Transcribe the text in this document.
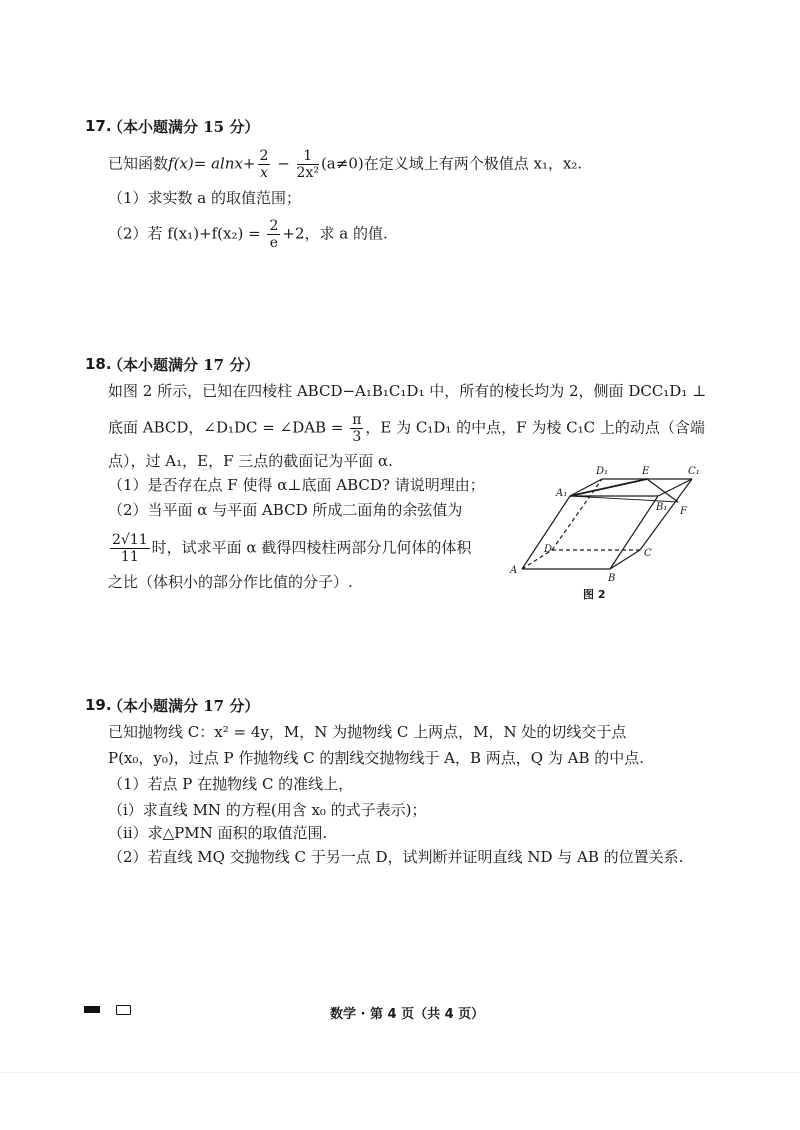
17.
（本小题满分 15 分）
已知函数$f(x)= alnx+ \frac{2}{x} - \frac{1}{\text{2x²}} (a\ne 0)$在定义域上有两个极值点 x₁，x₂.
（1）求实数 a 的取值范围；
（2）若 $f(x_1)+f(x_2) = \frac{2}{e} +2$，求 a 的值.
18.
（本小题满分 17 分）
如图 2 所示，已知在四棱柱 ABCD−A₁B₁C₁D₁ 中，所有的棱长均为 2，侧面 DCC₁D₁ ⊥
底面 ABCD，∠D₁DC = ∠DAB = $\frac{\pi}{3}$ ，E 为 C₁D₁ 的中点，F 为棱 C₁C 上的动点（含端
点），过 A₁，E，F 三点的截面记为平面 α.
（1）是否存在点 F 使得 α⊥底面 ABCD? 请说明理由；
（2）当平面 α 与平面 ABCD 所成二面角的余弦值为
$\frac{2√11}{11}$ 时，试求平面 α 截得四棱柱两部分几何体的体积
之比（体积小的部分作比值的分子）.
D₁	E	C₁
A₁
B₁ F
D	C
A
B
图 2
19.
（本小题满分 17 分）
已知抛物线 C：x² = 4y，M，N 为抛物线 C 上两点，M，N 处的切线交于点
P(x₀，y₀)，过点 P 作抛物线 C 的割线交抛物线于 A，B 两点，Q 为 AB 的中点.
（1）若点 P 在抛物线 C 的准线上，
（ⅰ）求直线 MN 的方程(用含 x₀ 的式子表示)；
（ⅱ）求△PMN 面积的取值范围.
（2）若直线 MQ 交抛物线 C 于另一点 D，试判断并证明直线 ND 与 AB 的位置关系.
数学 · 第 4 页（共 4 页）
